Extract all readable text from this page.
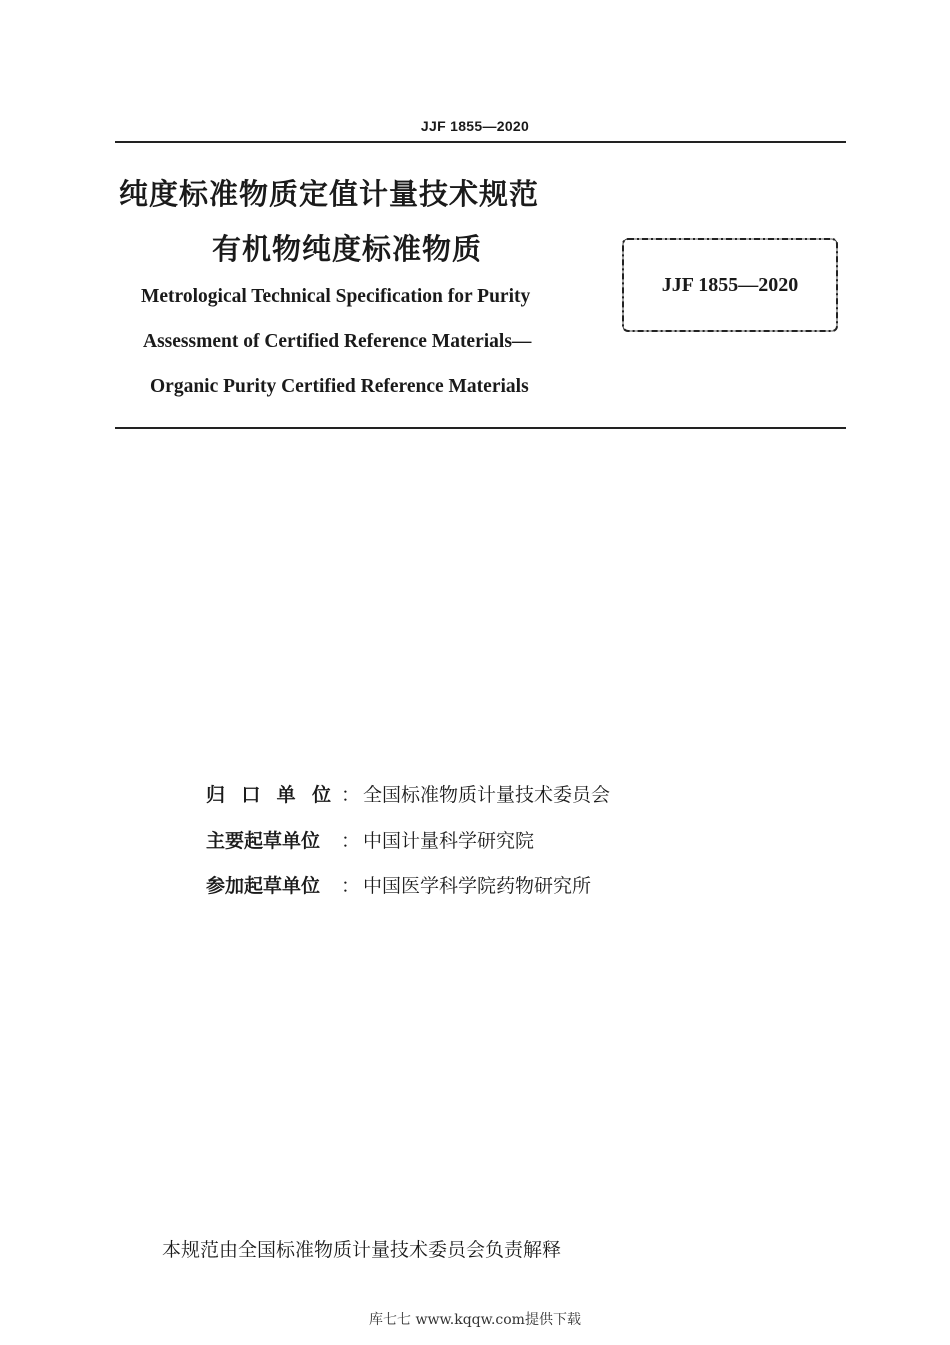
JJF 1855—2020
纯度标准物质定值计量技术规范
有机物纯度标准物质
Metrological Technical Specification for Purity
Assessment of Certified Reference Materials—
Organic Purity Certified Reference Materials
JJF 1855—2020
归 口 单 位 ： 全国标准物质计量技术委员会
主要起草单位	： 中国计量科学研究院
参加起草单位	： 中国医学科学院药物研究所
本规范由全国标准物质计量技术委员会负责解释
库七七 www.kqqw.com提供下载
